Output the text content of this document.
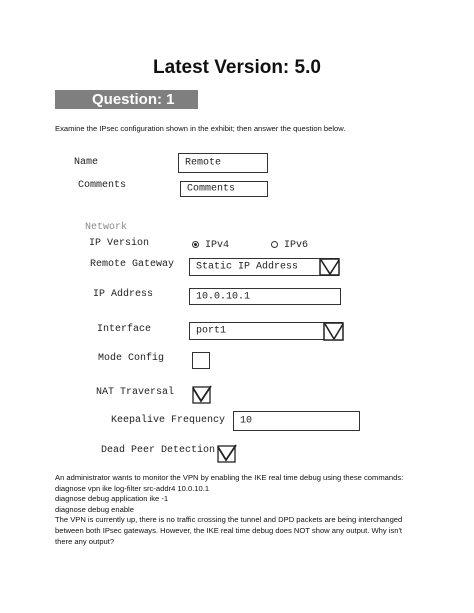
Latest Version: 5.0
Question: 1
Examine the IPsec configuration shown in the exhibit; then answer the question below.
Name	Remote
Comments	Comments
Network
IP Version	IPv4	IPv6
Remote Gateway Static IP Address
IP Address	10.0.10.1
Interface	port1
Mode Config
NAT Traversal
Keepalive Frequency 10
Dead Peer Detection
An administrator wants to monitor the VPN by enabling the IKE real time debug using these commands:
diagnose vpn ike log-filter src-addr4 10.0.10.1
diagnose debug application ike -1
diagnose debug enable
The VPN is currently up, there is no traffic crossing the tunnel and DPD packets are being interchanged
between both IPsec gateways. However, the IKE real time debug does NOT show any output. Why isn't
there any output?
